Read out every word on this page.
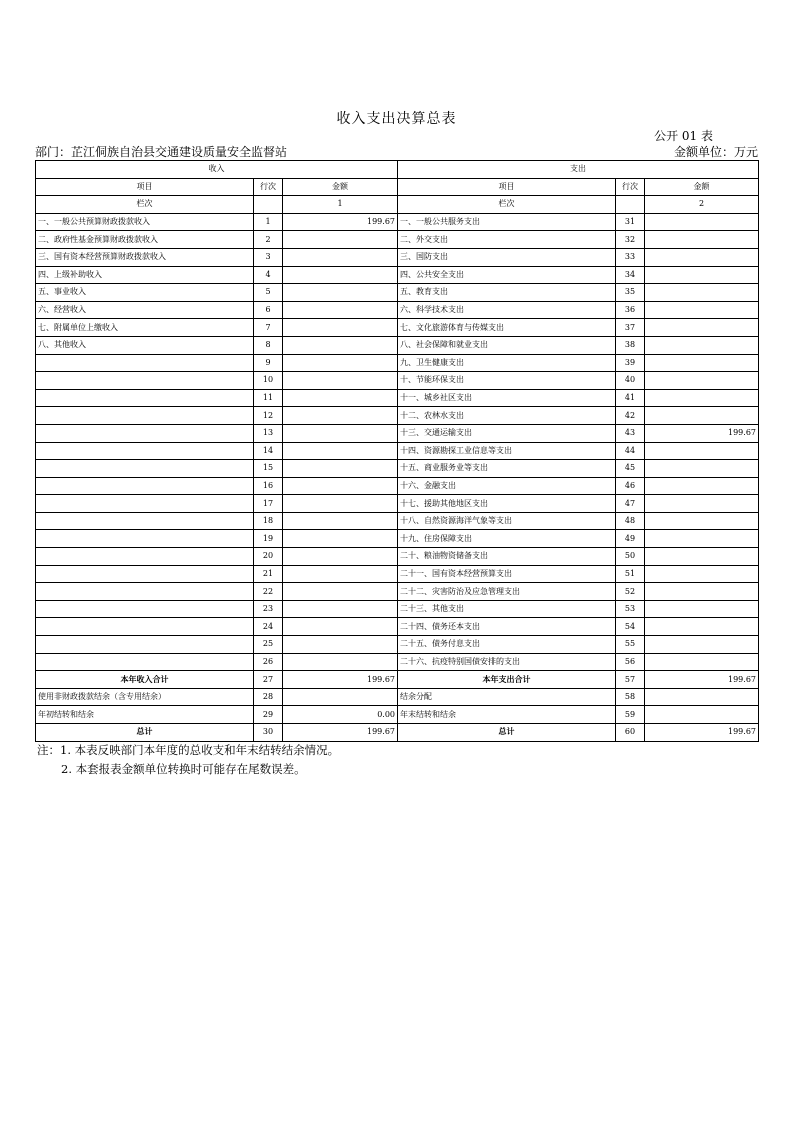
收入支出决算总表
公开 01 表
部门：芷江侗族自治县交通建设质量安全监督站	金额单位：万元
收入			支出		
项目	行次	金额	项目	行次	金额
栏次		1	栏次		2
一、一般公共预算财政拨款收入	1	199.67	一、一般公共服务支出	31	
二、政府性基金预算财政拨款收入	2		二、外交支出	32	
三、国有资本经营预算财政拨款收入	3		三、国防支出	33	
四、上级补助收入	4		四、公共安全支出	34	
五、事业收入	5		五、教育支出	35	
六、经营收入	6		六、科学技术支出	36	
七、附属单位上缴收入	7		七、文化旅游体育与传媒支出	37	
八、其他收入	8		八、社会保障和就业支出	38	
	9		九、卫生健康支出	39	
	10		十、节能环保支出	40	
	11		十一、城乡社区支出	41	
	12		十二、农林水支出	42	
	13		十三、交通运输支出	43	199.67
	14		十四、资源勘探工业信息等支出	44	
	15		十五、商业服务业等支出	45	
	16		十六、金融支出	46	
	17		十七、援助其他地区支出	47	
	18		十八、自然资源海洋气象等支出	48	
	19		十九、住房保障支出	49	
	20		二十、粮油物资储备支出	50	
	21		二十一、国有资本经营预算支出	51	
	22		二十二、灾害防治及应急管理支出	52	
	23		二十三、其他支出	53	
	24		二十四、债务还本支出	54	
	25		二十五、债务付息支出	55	
	26		二十六、抗疫特别国债安排的支出	56	
本年收入合计	27	199.67	本年支出合计	57	199.67
使用非财政拨款结余（含专用结余）	28		结余分配	58	
年初结转和结余	29	0.00	年末结转和结余	59	
总计	30	199.67	总计	60	199.67
注：1. 本表反映部门本年度的总收支和年末结转结余情况。
2. 本套报表金额单位转换时可能存在尾数误差。
